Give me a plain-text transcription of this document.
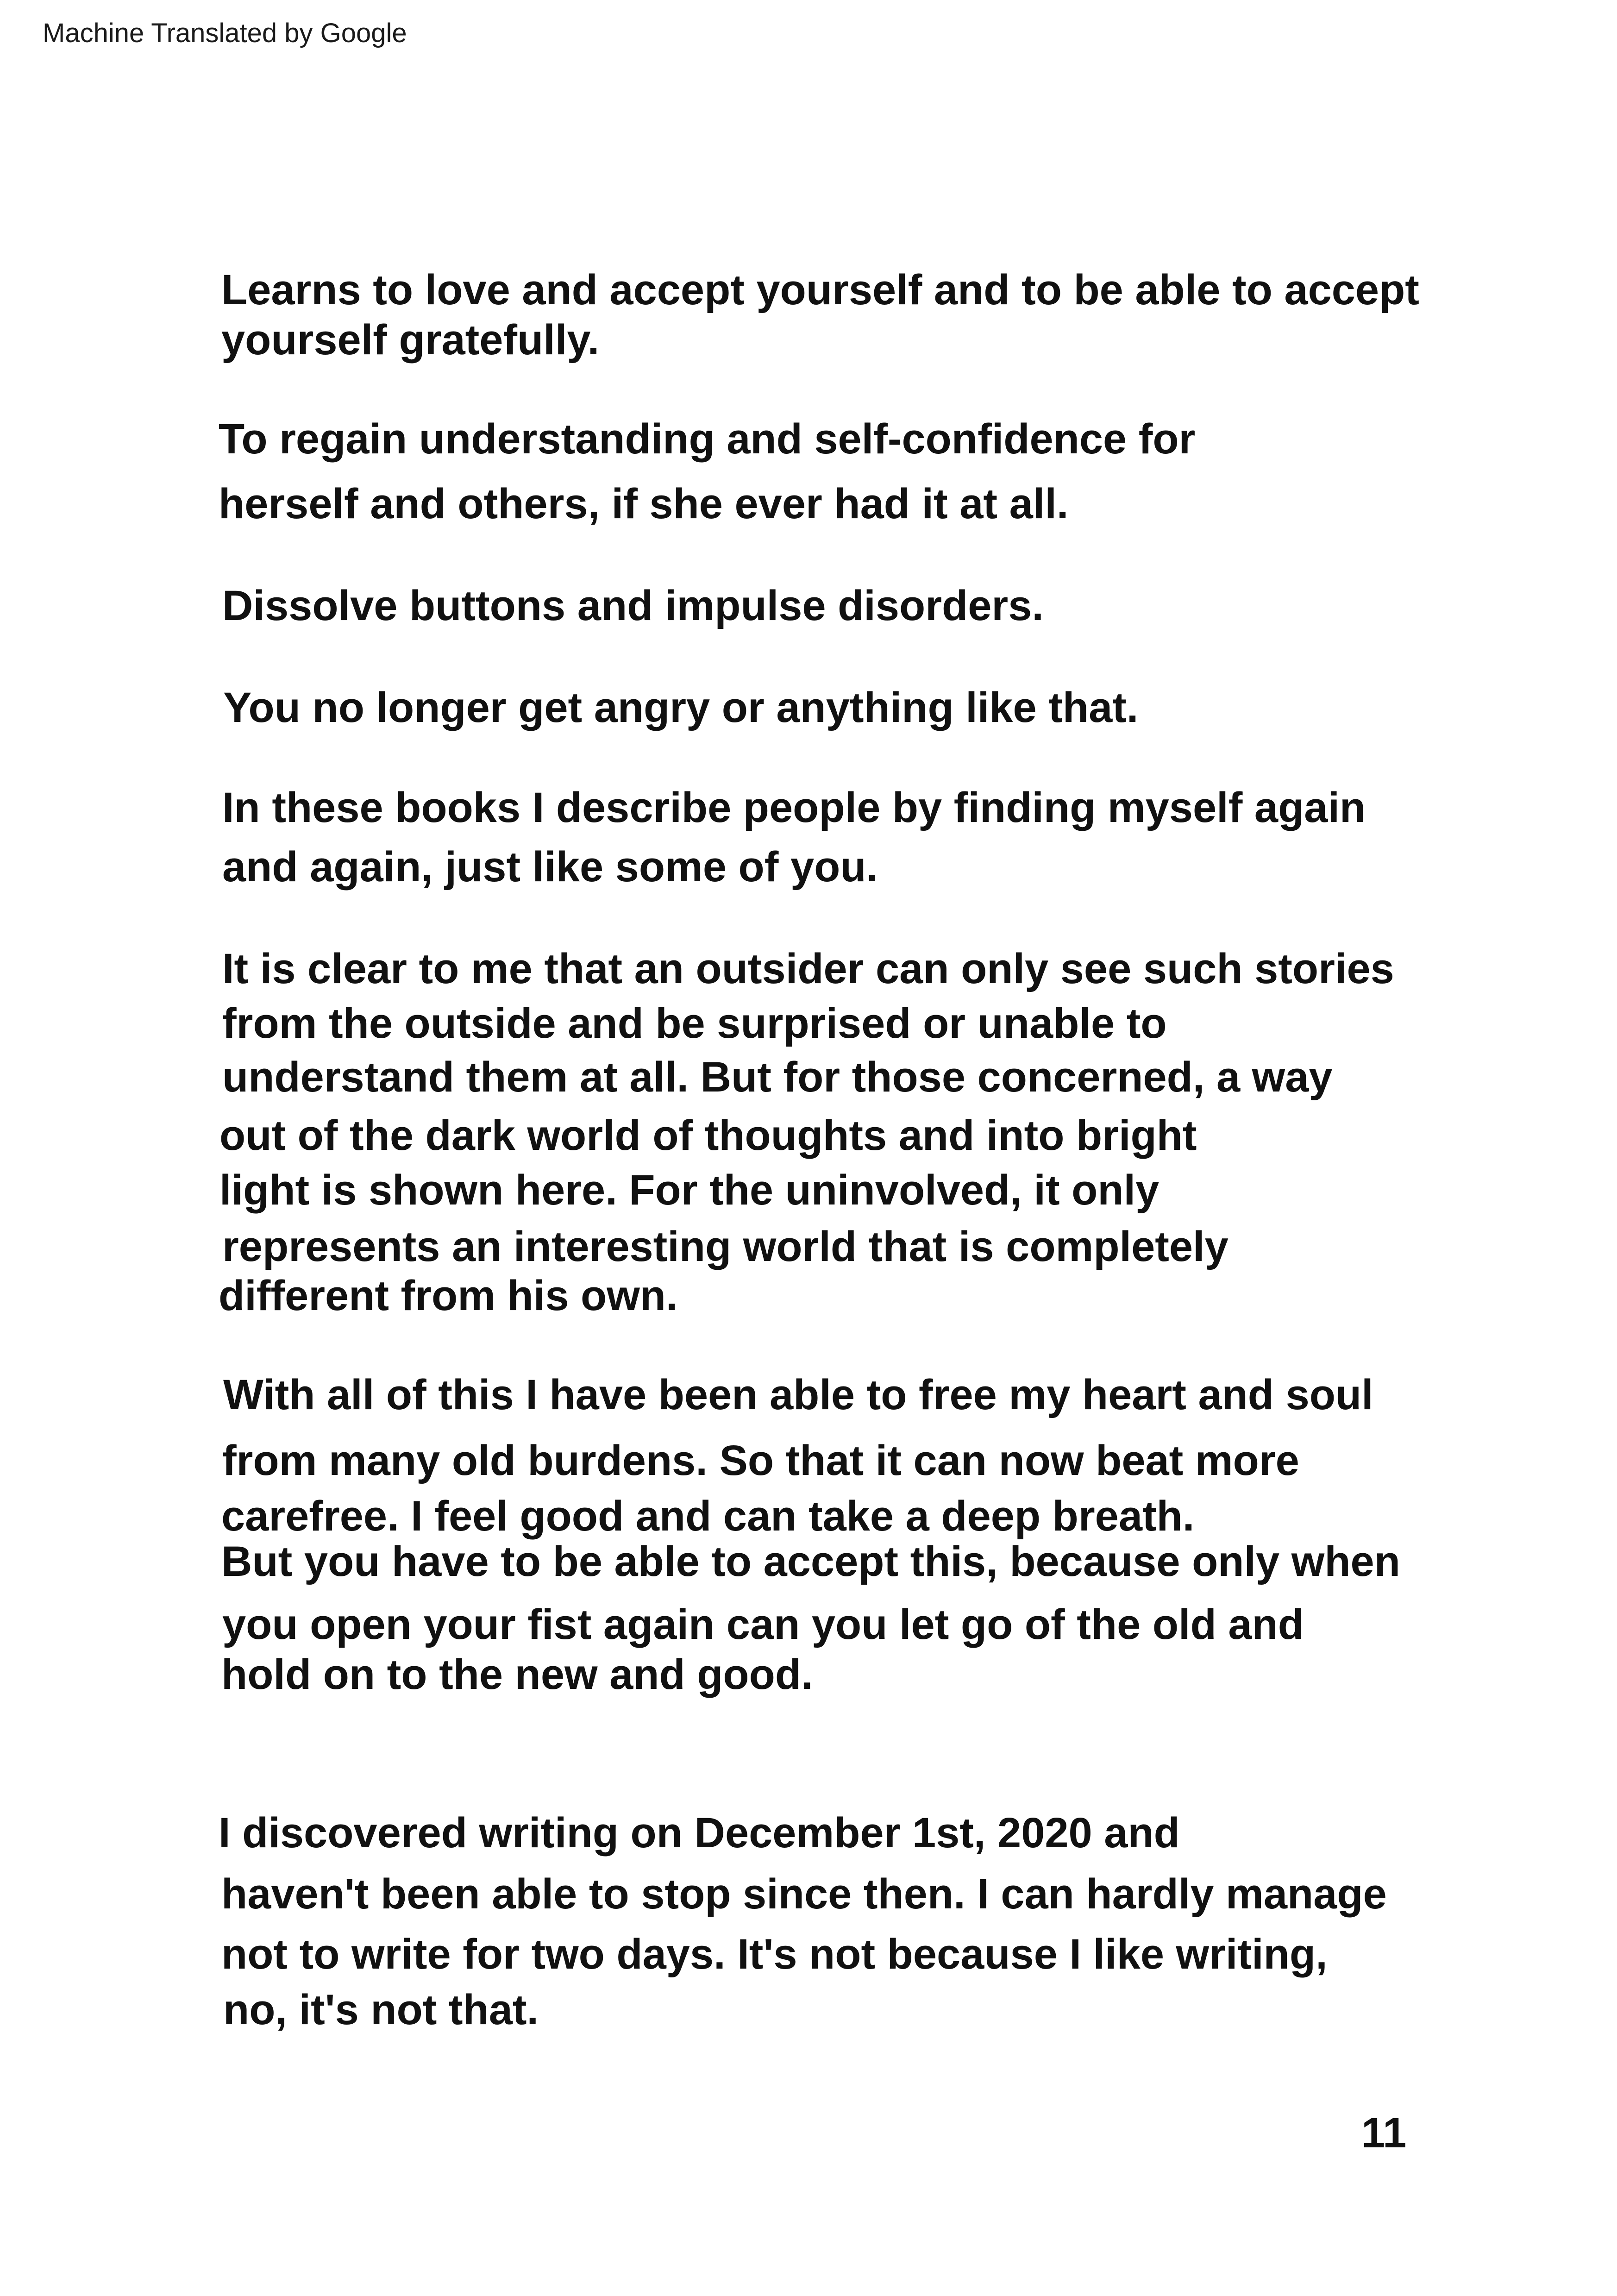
Machine Translated by Google
Learns to love and accept yourself and to be able to accept
yourself gratefully.
To regain understanding and self-confidence for
herself and others, if she ever had it at all.
Dissolve buttons and impulse disorders.
You no longer get angry or anything like that.
In these books I describe people by finding myself again
and again, just like some of you.
It is clear to me that an outsider can only see such stories
from the outside and be surprised or unable to
understand them at all. But for those concerned, a way
out of the dark world of thoughts and into bright
light is shown here. For the uninvolved, it only
represents an interesting world that is completely
different from his own.
With all of this I have been able to free my heart and soul
from many old burdens. So that it can now beat more
carefree. I feel good and can take a deep breath.
But you have to be able to accept this, because only when
you open your fist again can you let go of the old and
hold on to the new and good.
I discovered writing on December 1st, 2020 and
haven't been able to stop since then. I can hardly manage
not to write for two days. It's not because I like writing,
no, it's not that.
11
